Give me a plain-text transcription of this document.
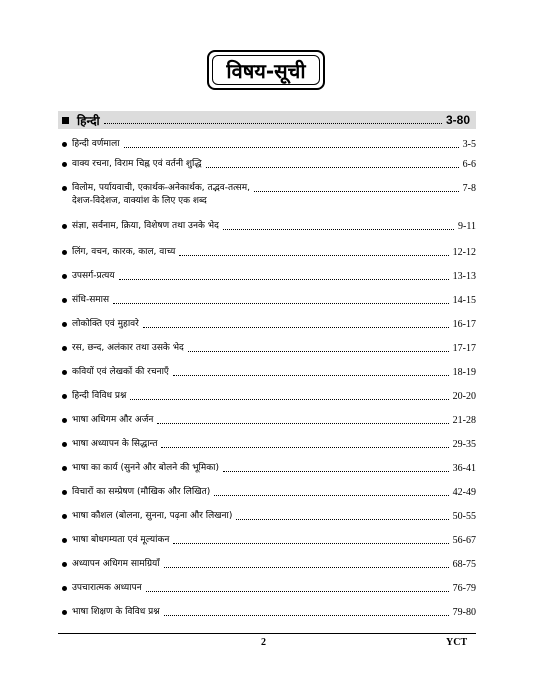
विषय-सूची
हिन्दी	3-80
हिन्दी वर्णमाला	3-5
वाक्य रचना, विराम चिह्न एवं वर्तनी शुद्धि	6-6
विलोम, पर्यायवाची, एकार्थक-अनेकार्थक, तद्भव-तत्सम,	7-8
देशज-विदेशज, वाक्यांश के लिए एक शब्द
संज्ञा, सर्वनाम, क्रिया, विशेषण तथा उनके भेद	9-11
लिंग, वचन, कारक, काल, वाच्य	12-12
उपसर्ग-प्रत्यय	13-13
संधि-समास	14-15
लोकोक्ति एवं मुहावरे	16-17
रस, छन्द, अलंकार तथा उसके भेद	17-17
कवियों एवं लेखकों की रचनाएँ	18-19
हिन्दी विविध प्रश्न	20-20
भाषा अधिगम और अर्जन	21-28
भाषा अध्यापन के सिद्धान्त	29-35
भाषा का कार्य (सुनने और बोलने की भूमिका)	36-41
विचारों का सम्प्रेषण (मौखिक और लिखित)	42-49
भाषा कौशल (बोलना, सुनना, पढ़ना और लिखना)	50-55
भाषा बोधगम्यता एवं मूल्यांकन	56-67
अध्यापन अधिगम सामग्रियाँ	68-75
उपचारात्मक अध्यापन	76-79
भाषा शिक्षण के विविध प्रश्न	79-80
2	YCT
